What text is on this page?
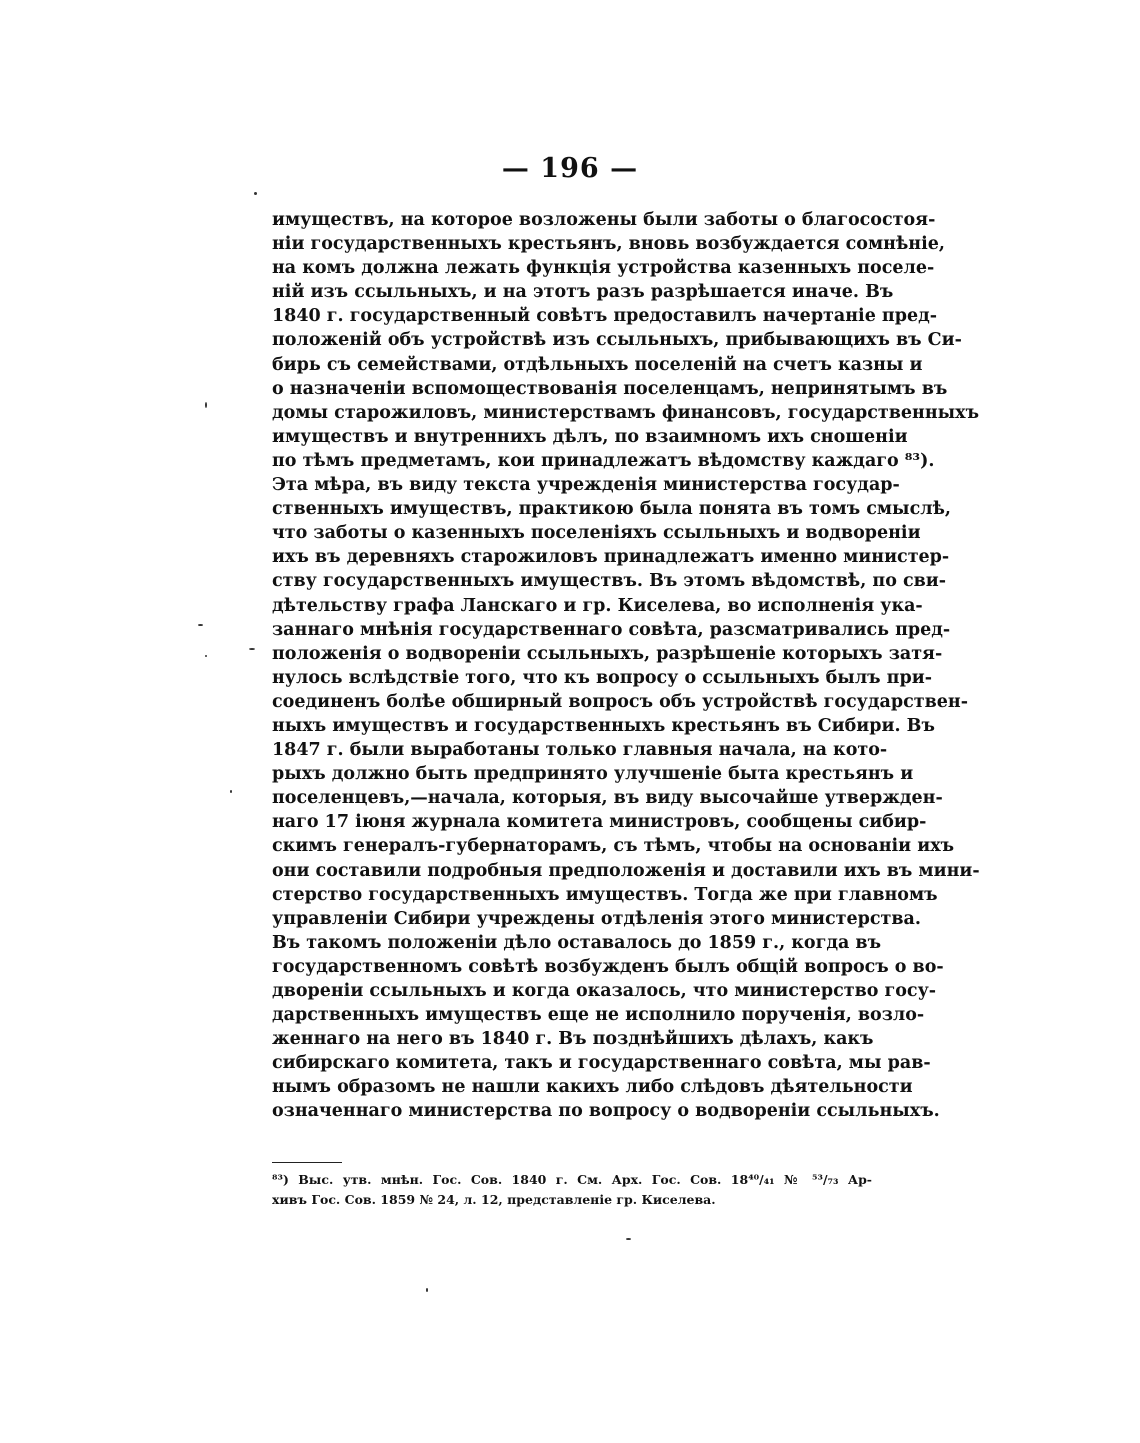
— 196 —
имуществъ, на которое возложены были заботы о благосостоя-
нiи государственныхъ крестьянъ, вновь возбуждается сомнѣнiе,
на комъ должна лежать функцiя устройства казенныхъ поселе-
нiй изъ ссыльныхъ, и на этотъ разъ разрѣшается иначе. Въ
1840 г. государственный совѣтъ предоставилъ начертанiе пред-
положенiй объ устройствѣ изъ ссыльныхъ, прибывающихъ въ Си-
бирь съ семействами, отдѣльныхъ поселенiй на счетъ казны и
о назначенiи вспомоществованiя поселенцамъ, непринятымъ въ
домы старожиловъ, министерствамъ финансовъ, государственныхъ
имуществъ и внутреннихъ дѣлъ, по взаимномъ ихъ сношенiи
по тѣмъ предметамъ, кои принадлежатъ вѣдомству каждаго ⁸³).
Эта мѣра, въ виду текста учрежденiя министерства государ-
ственныхъ имуществъ, практикою была понята въ томъ смыслѣ,
что заботы о казенныхъ поселенiяхъ ссыльныхъ и водворенiи
ихъ въ деревняхъ старожиловъ принадлежатъ именно министер-
ству государственныхъ имуществъ. Въ этомъ вѣдомствѣ, по сви-
дѣтельству графа Ланскаго и гр. Киселева, во исполненiя ука-
заннаго мнѣнiя государственнаго совѣта, разсматривались пред-
положенiя о водворенiи ссыльныхъ, разрѣшенiе которыхъ затя-
нулось вслѣдствiе того, что къ вопросу о ссыльныхъ былъ при-
соединенъ болѣе обширный вопросъ объ устройствѣ государствен-
ныхъ имуществъ и государственныхъ крестьянъ въ Сибири. Въ
1847 г. были выработаны только главныя начала, на кото-
рыхъ должно быть предпринято улучшенiе быта крестьянъ и
поселенцевъ,—начала, которыя, въ виду высочайше утвержден-
наго 17 iюня журнала комитета министровъ, сообщены сибир-
скимъ генералъ-губернаторамъ, съ тѣмъ, чтобы на основанiи ихъ
они составили подробныя предположенiя и доставили ихъ въ мини-
стерство государственныхъ имуществъ. Тогда же при главномъ
управленiи Сибири учреждены отдѣленiя этого министерства.
Въ такомъ положенiи дѣло оставалось до 1859 г., когда въ
государственномъ совѣтѣ возбужденъ былъ общiй вопросъ о во-
дворенiи ссыльныхъ и когда оказалось, что министерство госу-
дарственныхъ имуществъ еще не исполнило порученiя, возло-
женнаго на него въ 1840 г. Въ позднѣйшихъ дѣлахъ, какъ
сибирскаго комитета, такъ и государственнаго совѣта, мы рав-
нымъ образомъ не нашли какихъ либо слѣдовъ дѣятельности
означеннаго министерства по вопросу о водворенiи ссыльныхъ.
⁸³) Выс. утв. мнѣн. Гос. Сов. 1840 г. См. Арх. Гос. Сов. 18⁴⁰/₄₁ № ⁵³/₇₃ Ар-
хивъ Гос. Сов. 1859 № 24, л. 12, представленiе гр. Киселева.
